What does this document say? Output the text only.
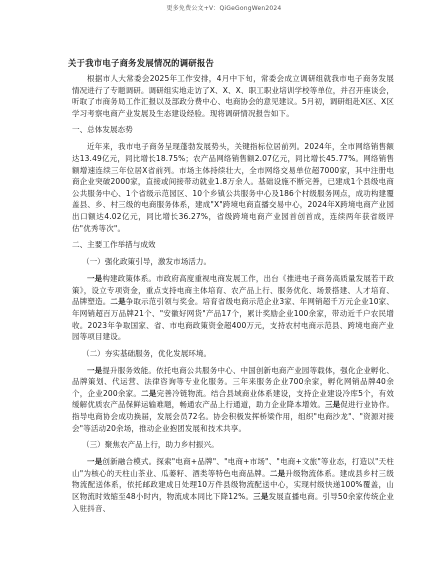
更多免费公文+V：QiGeGongWen2024
关于我市电子商务发展情况的调研报告

根据市人大常委会2025年工作安排，4月中下旬，常委会成立调研组就我市电子商务发展情况进行了专题调研。调研组实地走访了X、X、X、职工职业培训学校等单位，并召开座谈会，听取了市商务局工作汇报以及部政分费中心、电商协会的意见建议。5月初，调研组赴X区、X区学习考察电商产业发展及生态建设经验。现将调研情况报告如下。

一、总体发展态势

近年来，我市电子商务呈现蓬勃发展势头，关键指标位居前列。2024年，全市网络销售额达13.49亿元，同比增长18.75%；农产品网络销售额2.07亿元，同比增长45.77%。网络销售额增速连续三年位居X省前列。市场主体持续壮大，全市网络交易单位超7000家，其中注册电商企业突破2000家，直接或间接带动就业1.8万余人。基础设施不断完善，已建成1个县级电商公共服务中心、1个省级示范园区、10个乡镇公共服务中心及186个村级服务网点，成功构建覆盖县、乡、村三级的电商服务体系，建成"X"跨境电商直播交易中心，2024年X跨境电商产业园出口额达4.02亿元，同比增长36.27%，省级跨境电商产业园首创首成，连续两年获省级评估"优秀等次"。

二、主要工作举措与成效

（一）强化政策引导，激发市场活力。

一是构建政策体系。市政府高度重视电商发展工作，出台《推进电子商务高质量发展若干政策》，设立专项资金，重点支持电商主体培育、农产品上行、服务优化、场景搭建、人才培育、品牌塑造。二是争取示范引领与奖金。培育省级电商示范企业3家、年网销超千万元企业10家、年网销超百万品牌21个、"安徽好网货"产品17个，累计奖励企业100余家，带动近千户农民增收。2023年争取国家、省、市电商政策资金超400万元，支持农村电商示范县、跨境电商产业园等项目建设。

（二）夯实基础服务，优化发展环境。

一是提升服务效能。依托电商公共服务中心、中国创新电商产业园等载体，强化企业孵化、品牌策划、代运营、法律咨询等专业化服务。三年来服务企业700余家，孵化网销品牌40余个，企业200余家。二是完善冷链物流。结合县域商业体系建设，支持企业建设冷库5个，有效缓解优质农产品保鲜运输难题，畅通农产品上行通道，助力企业降本增效。三是促进行业协作。指导电商协会成功换届，发展会员72名。协会积极发挥桥梁作用，组织"电商沙龙"、"资源对接会"等活动20余场，推动企业抱团发展和技术共享。

（三）聚焦农产品上行，助力乡村振兴。

一是创新融合模式。探索"电商+品牌"、"电商+市场"、"电商+文旅"等业态，打造以"天柱山"为核心的天柱山茶业、瓜蒌籽、酒类等特色电商品牌。二是升级物流体系。建成县乡村三级物流配送体系，依托邮政建成日处理10万件县级物流配送中心，实现村级快递100%覆盖，山区物流时效缩至48小时内，物流成本同比下降12%。三是发展直播电商。引导50余家传统企业入驻抖音、
